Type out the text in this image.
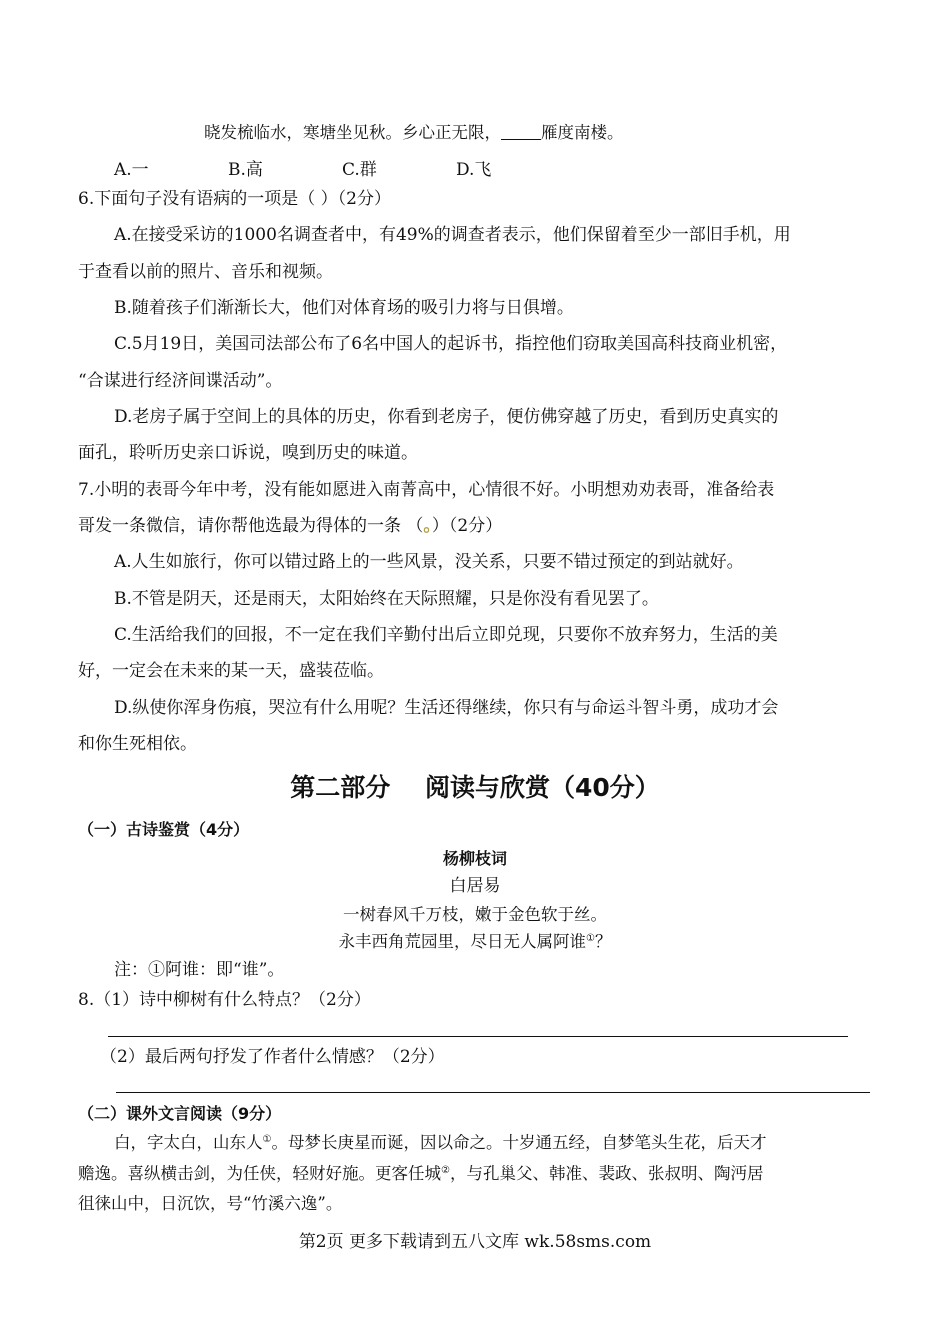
晓发梳临水，寒塘坐见秋。乡心正无限， 雁度南楼。
A.一	B.高	C.群	D.飞
6.下面句子没有语病的一项是（ ）（2分）
A.在接受采访的1000名调查者中，有49%的调查者表示，他们保留着至少一部旧手机，用
于查看以前的照片、音乐和视频。
B.随着孩子们渐渐长大，他们对体育场的吸引力将与日俱增。
C.5月19日，美国司法部公布了6名中国人的起诉书，指控他们窃取美国高科技商业机密，
“合谋进行经济间谍活动”。
D.老房子属于空间上的具体的历史，你看到老房子，便仿佛穿越了历史，看到历史真实的
面孔，聆听历史亲口诉说，嗅到历史的味道。
7.小明的表哥今年中考，没有能如愿进入南菁高中，心情很不好。小明想劝劝表哥，准备给表
哥发一条微信，请你帮他选最为得体的一条 （。）（2分）
A.人生如旅行，你可以错过路上的一些风景，没关系，只要不错过预定的到站就好。
B.不管是阴天，还是雨天，太阳始终在天际照耀，只是你没有看见罢了。
C.生活给我们的回报，不一定在我们辛勤付出后立即兑现，只要你不放弃努力，生活的美
好，一定会在未来的某一天，盛装莅临。
D.纵使你浑身伤痕，哭泣有什么用呢？生活还得继续，你只有与命运斗智斗勇，成功才会
和你生死相依。
第二部分    阅读与欣赏（40分）
（一）古诗鉴赏（4分）
杨柳枝词
白居易
一树春风千万枝，嫩于金色软于丝。
永丰西角荒园里，尽日无人属阿谁①？
注：①阿谁：即“谁”。
8.（1）诗中柳树有什么特点？（2分）
（2）最后两句抒发了作者什么情感？（2分）
（二）课外文言阅读（9分）
白，字太白，山东人①。母梦长庚星而诞，因以命之。十岁通五经，自梦笔头生花，后天才
赡逸。喜纵横击剑，为任侠，轻财好施。更客任城②，与孔巢父、韩准、裴政、张叔明、陶沔居
徂徕山中，日沉饮，号“竹溪六逸”。
第2页 更多下载请到五八文库 wk.58sms.com
